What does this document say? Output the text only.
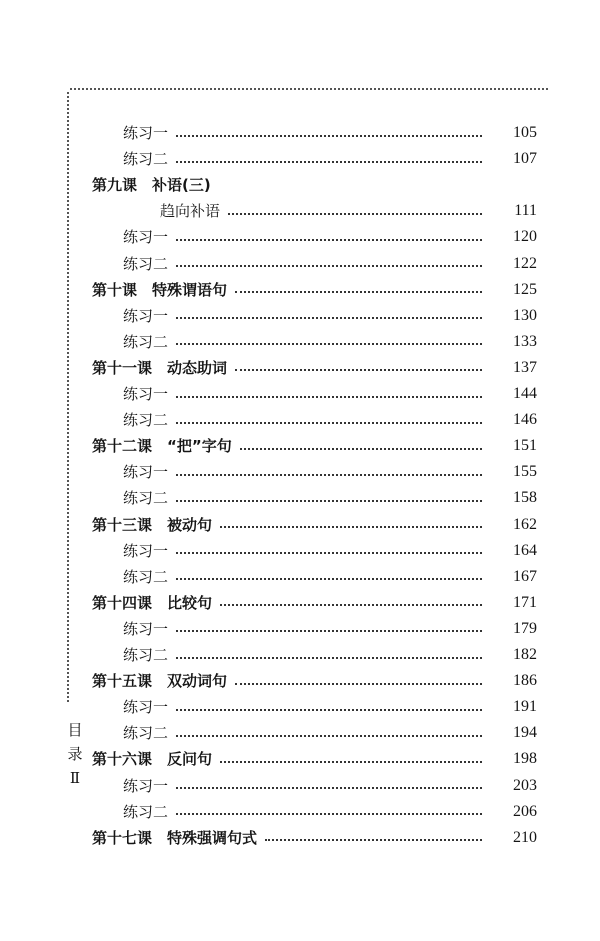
练习一	105
练习二	107
第九课　补语(三)
趋向补语	111
练习一	120
练习二	122
第十课　特殊谓语句	125
练习一	130
练习二	133
第十一课　动态助词	137
练习一	144
练习二	146
第十二课　“把”字句	151
练习一	155
练习二	158
第十三课　被动句	162
练习一	164
练习二	167
第十四课　比较句	171
练习一	179
练习二	182
第十五课　双动词句	186
练习一	191
练习二	194
第十六课　反问句	198
练习一	203
练习二	206
第十七课　特殊强调句式	210
目
录
Ⅱ
